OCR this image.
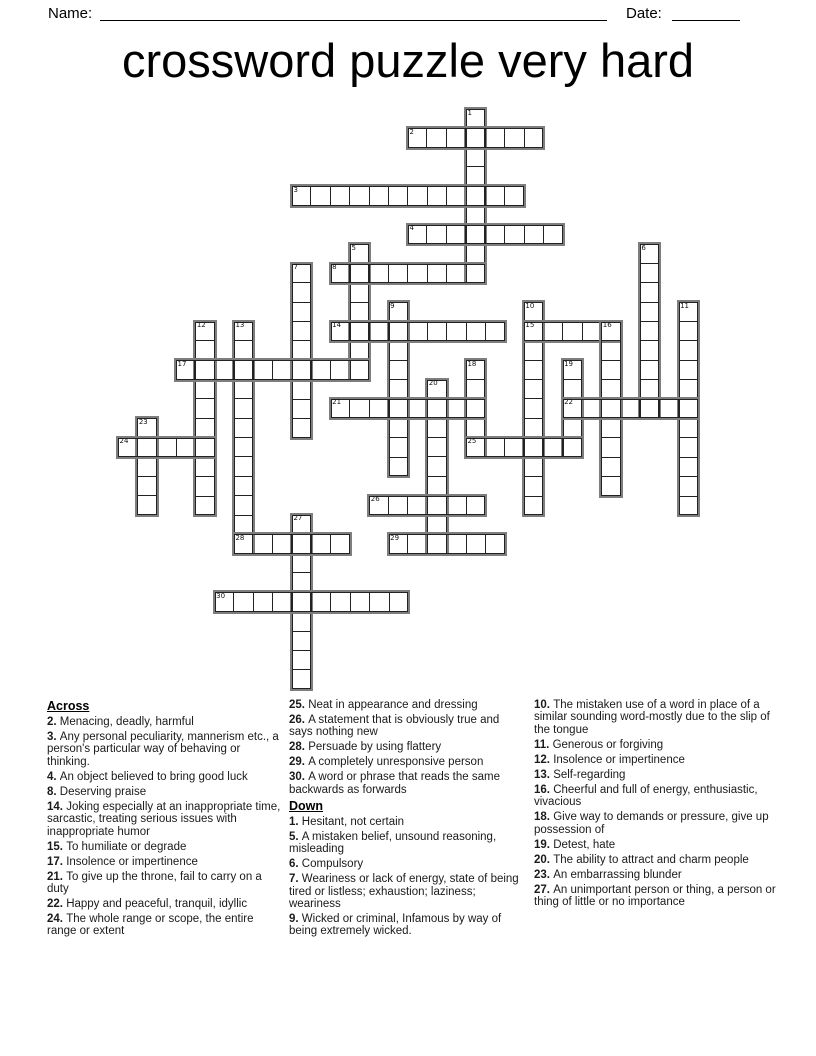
Name:	Date:
crossword puzzle very hard
1
2
3
4
5	6
7	8
9	10	11
12	13	14	15	16
17	18	19
20
21	22
23
24	25
26
27
28	29
30
Across

2. Menacing, deadly, harmful

3. Any personal peculiarity, mannerism etc., a person's particular way of behaving or thinking.

4. An object believed to bring good luck

8. Deserving praise

14. Joking especially at an inappropriate time, sarcastic, treating serious issues with inappropriate humor

15. To humiliate or degrade

17. Insolence or impertinence

21. To give up the throne, fail to carry on a duty

22. Happy and peaceful, tranquil, idyllic

24. The whole range or scope, the entire range or extent

25. Neat in appearance and dressing

26. A statement that is obviously true and says nothing new

28. Persuade by using flattery

29. A completely unresponsive person

30. A word or phrase that reads the same backwards as forwards

Down

1. Hesitant, not certain

5. A mistaken belief, unsound reasoning, misleading

6. Compulsory

7. Weariness or lack of energy, state of being tired or listless; exhaustion; laziness; weariness

9. Wicked or criminal, Infamous by way of being extremely wicked.

10. The mistaken use of a word in place of a similar sounding word-mostly due to the slip of the tongue

11. Generous or forgiving

12. Insolence or impertinence

13. Self-regarding

16. Cheerful and full of energy, enthusiastic, vivacious

18. Give way to demands or pressure, give up possession of

19. Detest, hate

20. The ability to attract and charm people

23. An embarrassing blunder

27. An unimportant person or thing, a person or thing of little or no importance
